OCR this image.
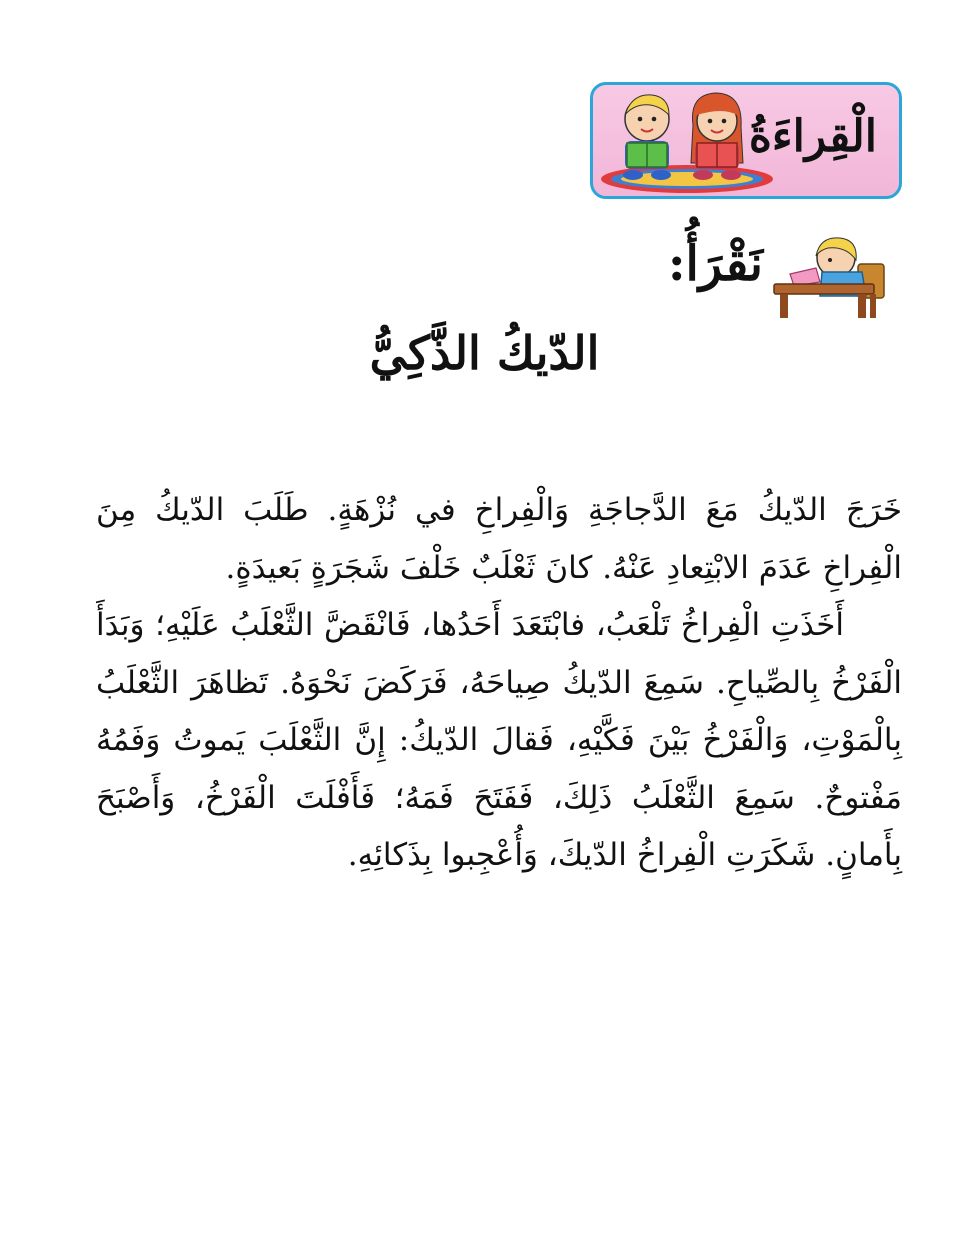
الْقِراءَةُ
نَقْرَأُ:
الدّيكُ الذَّكِيُّ

خَرَجَ الدّيكُ مَعَ الدَّجاجَةِ وَالْفِراخِ في نُزْهَةٍ. طَلَبَ الدّيكُ مِنَ الْفِراخِ عَدَمَ الابْتِعادِ عَنْهُ. كانَ ثَعْلَبٌ خَلْفَ شَجَرَةٍ بَعيدَةٍ.

أَخَذَتِ الْفِراخُ تَلْعَبُ، فابْتَعَدَ أَحَدُها، فَانْقَضَّ الثَّعْلَبُ عَلَيْهِ؛ وَبَدَأَ الْفَرْخُ بِالصِّياحِ. سَمِعَ الدّيكُ صِياحَهُ، فَرَكَضَ نَحْوَهُ. تَظاهَرَ الثَّعْلَبُ بِالْمَوْتِ، وَالْفَرْخُ بَيْنَ فَكَّيْهِ، فَقالَ الدّيكُ: إِنَّ الثَّعْلَبَ يَموتُ وَفَمُهُ مَفْتوحٌ. سَمِعَ الثَّعْلَبُ ذَلِكَ، فَفَتَحَ فَمَهُ؛ فَأَفْلَتَ الْفَرْخُ، وَأَصْبَحَ بِأَمانٍ. شَكَرَتِ الْفِراخُ الدّيكَ، وَأُعْجِبوا بِذَكائِهِ.
